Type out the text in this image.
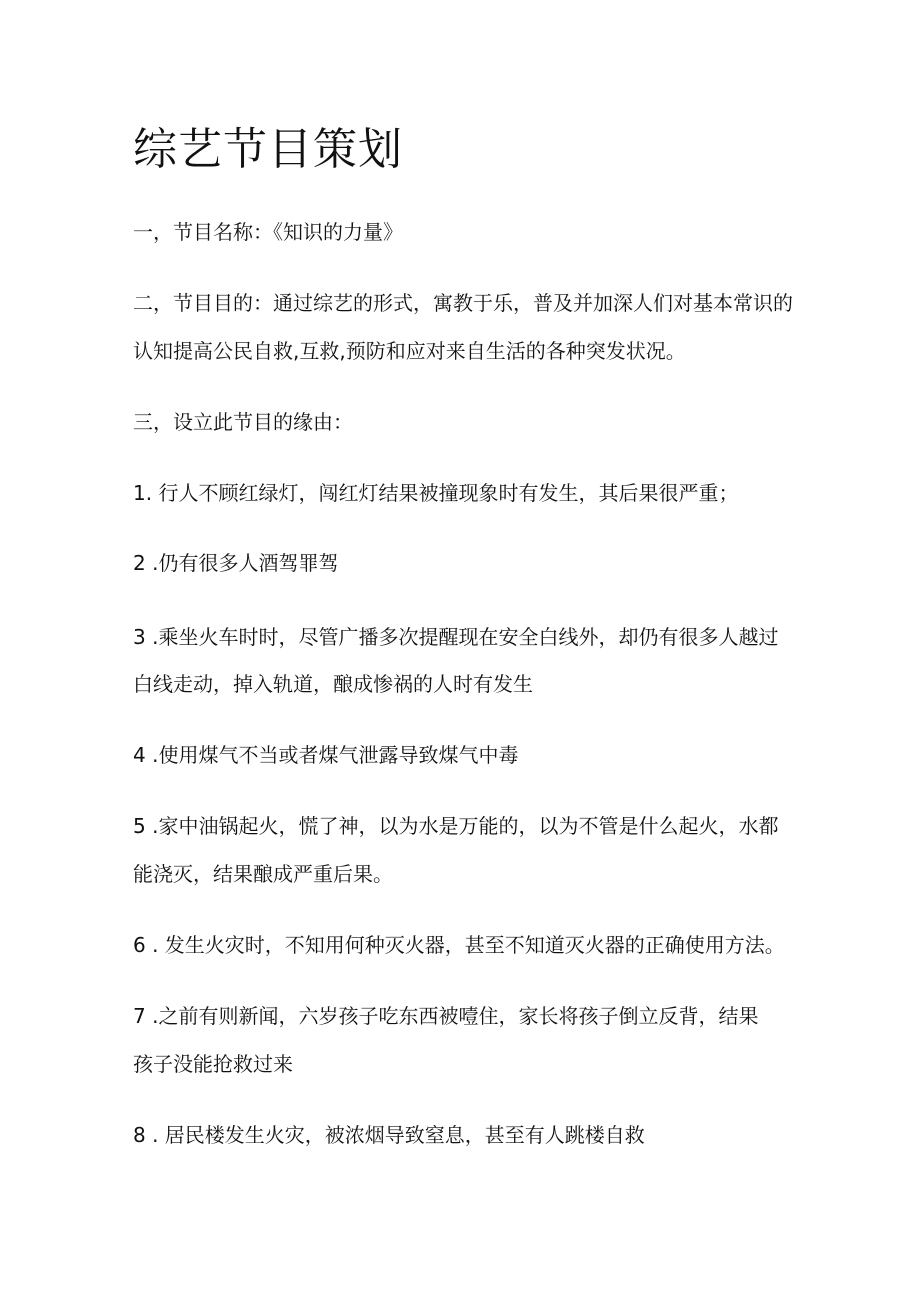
综艺节目策划

一，节目名称：《知识的力量》

二，节目目的：通过综艺的形式，寓教于乐，普及并加深人们对基本常识的

认知提高公民自救,互救,预防和应对来自生活的各种突发状况。

三，设立此节目的缘由：

1. 行人不顾红绿灯，闯红灯结果被撞现象时有发生，其后果很严重；

2 .仍有很多人酒驾罪驾

3 .乘坐火车时时，尽管广播多次提醒现在安全白线外，却仍有很多人越过

白线走动，掉入轨道，酿成惨祸的人时有发生

4 .使用煤气不当或者煤气泄露导致煤气中毒

5 .家中油锅起火，慌了神，以为水是万能的，以为不管是什么起火，水都

能浇灭，结果酿成严重后果。

6 . 发生火灾时，不知用何种灭火器，甚至不知道灭火器的正确使用方法。

7 .之前有则新闻，六岁孩子吃东西被噎住，家长将孩子倒立反背，结果

孩子没能抢救过来

8 . 居民楼发生火灾，被浓烟导致窒息，甚至有人跳楼自救
